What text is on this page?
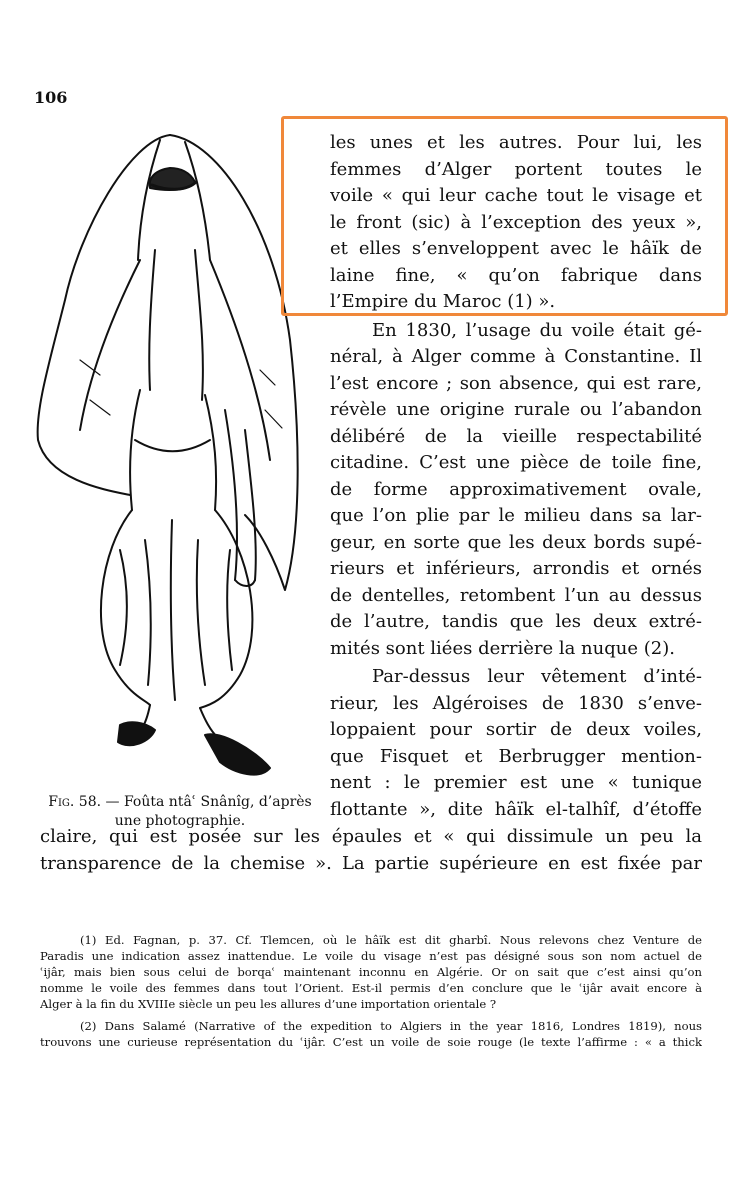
106
Fig. 58. — Foûta ntâʿ Snânîg, d’après une photographie.
les unes et les autres. Pour lui, les
femmes d’Alger portent toutes le
voile « qui leur cache tout le visage et
le front (sic) à l’exception des yeux »,
et elles s’enveloppent avec le hâïk de
laine fine, « qu’on fabrique dans
l’Empire du Maroc (1) ».
En 1830, l’usage du voile était gé-
néral, à Alger comme à Constantine. Il
l’est encore ; son absence, qui est rare,
révèle une origine rurale ou l’abandon
délibéré de la vieille respectabilité
citadine. C’est une pièce de toile fine,
de forme approximativement ovale,
que l’on plie par le milieu dans sa lar-
geur, en sorte que les deux bords supé-
rieurs et inférieurs, arrondis et ornés
de dentelles, retombent l’un au dessus
de l’autre, tandis que les deux extré-
mités sont liées derrière la nuque (2).
Par-dessus leur vêtement d’inté-
rieur, les Algéroises de 1830 s’enve-
loppaient pour sortir de deux voiles,
que Fisquet et Berbrugger mention-
nent : le premier est une « tunique
flottante », dite hâïk el-talhîf, d’étoffe
claire, qui est posée sur les épaules et « qui dissimule un peu la
transparence de la chemise ». La partie supérieure en est fixée par
(1) Ed. Fagnan, p. 37. Cf. Tlemcen, où le hâïk est dit gharbî. Nous relevons chez Venture de
Paradis une indication assez inattendue. Le voile du visage n’est pas désigné sous son nom actuel de
ʿijâr, mais bien sous celui de borqaʿ maintenant inconnu en Algérie. Or on sait que c’est ainsi qu’on
nomme le voile des femmes dans tout l’Orient. Est-il permis d’en conclure que le ʿijâr avait encore à
Alger à la fin du XVIIIe siècle un peu les allures d’une importation orientale ?
(2) Dans Salamé (Narrative of the expedition to Algiers in the year 1816, Londres 1819), nous
trouvons une curieuse représentation du ʿijâr. C’est un voile de soie rouge (le texte l’affirme : « a thick
